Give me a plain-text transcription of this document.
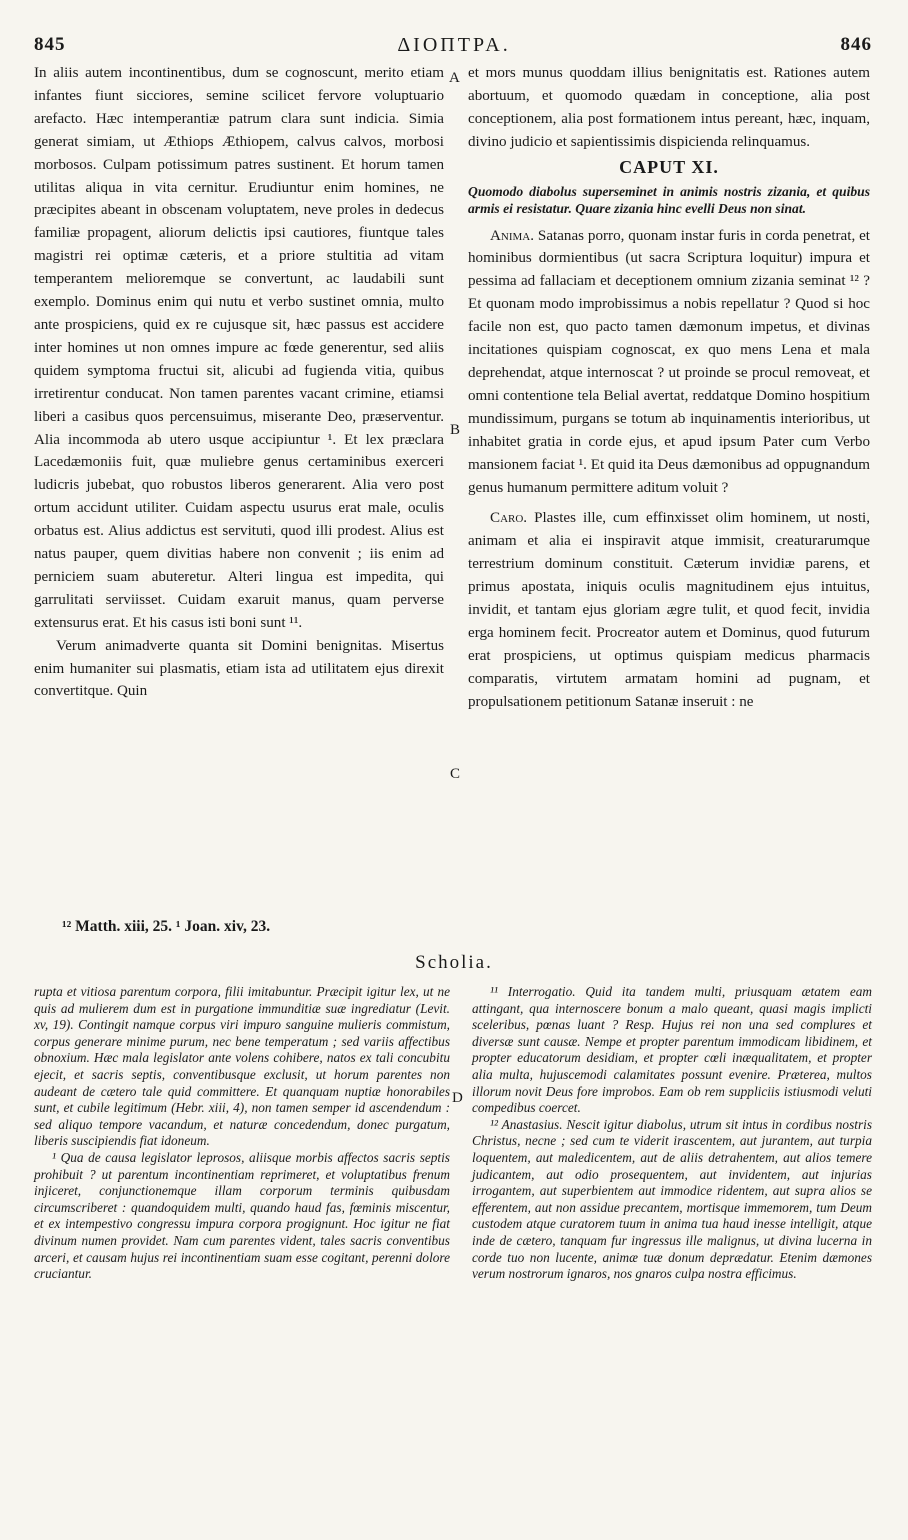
845	ΔΙΟΠΤΡΑ.	846
A
B
C
D

In aliis autem incontinentibus, dum se cognoscunt, merito etiam infantes fiunt sicciores, semine scilicet fervore voluptuario arefacto. Hæc intemperantiæ patrum clara sunt indicia. Simia generat simiam, ut Æthiops Æthiopem, calvus calvos, morbosi morbosos. Culpam potissimum patres sustinent. Et horum tamen utilitas aliqua in vita cernitur. Erudiuntur enim homines, ne præcipites abeant in obscenam voluptatem, neve proles in dedecus familiæ propagent, aliorum delictis ipsi cautiores, fiuntque tales magistri rei optimæ cæteris, et a priore stultitia ad vitam temperantem melioremque se convertunt, ac laudabili sunt exemplo. Dominus enim qui nutu et verbo sustinet omnia, multo ante prospiciens, quid ex re cujusque sit, hæc passus est accidere inter homines ut non omnes impure ac fœde generentur, sed aliis quidem symptoma fructui sit, alicubi ad fugienda vitia, quibus irretirentur conducat. Non tamen parentes vacant crimine, etiamsi liberi a casibus quos percensuimus, miserante Deo, præserventur. Alia incommoda ab utero usque accipiuntur ¹. Et lex præclara Lacedæmoniis fuit, quæ muliebre genus certaminibus exerceri ludicris jubebat, quo robustos liberos generarent. Alia vero post ortum accidunt utiliter. Cuidam aspectu usurus erat male, oculis orbatus est. Alius addictus est servituti, quod illi prodest. Alius est natus pauper, quem divitias habere non convenit ; iis enim ad perniciem suam abuteretur. Alteri lingua est impedita, qui garrulitati serviisset. Cuidam exaruit manus, quam perverse extensurus erat. Et his casus isti boni sunt ¹¹.

Verum animadverte quanta sit Domini benignitas. Misertus enim humaniter sui plasmatis, etiam ista ad utilitatem ejus direxit convertitque. Quin

et mors munus quoddam illius benignitatis est. Rationes autem abortuum, et quomodo quædam in conceptione, alia post conceptionem, alia post formationem intus pereant, hæc, inquam, divino judicio et sapientissimis dispicienda relinquamus.

CAPUT XI.
Quomodo diabolus superseminet in animis nostris zizania, et quibus armis ei resistatur. Quare zizania hinc evelli Deus non sinat.

Anima. Satanas porro, quonam instar furis in corda penetrat, et hominibus dormientibus (ut sacra Scriptura loquitur) impura et pessima ad fallaciam et deceptionem omnium zizania seminat ¹² ? Et quonam modo improbissimus a nobis repellatur ? Quod si hoc facile non est, quo pacto tamen dæmonum impetus, et divinas incitationes quispiam cognoscat, ex quo mens Lena et mala deprehendat, atque internoscat ? ut proinde se procul removeat, et omni contentione tela Belial avertat, reddatque Domino hospitium mundissimum, purgans se totum ab inquinamentis interioribus, ut inhabitet gratia in corde ejus, et apud ipsum Pater cum Verbo mansionem faciat ¹. Et quid ita Deus dæmonibus ad oppugnandum genus humanum permittere aditum voluit ?

Caro. Plastes ille, cum effinxisset olim hominem, ut nosti, animam et alia ei inspiravit atque immisit, creaturarumque terrestrium dominum constituit. Cæterum invidiæ parens, et primus apostata, iniquis oculis magnitudinem ejus intuitus, invidit, et tantam ejus gloriam ægre tulit, et quod fecit, invidia erga hominem fecit. Procreator autem et Dominus, quod futurum erat prospiciens, ut optimus quispiam medicus pharmacis comparatis, virtutem armatam homini ad pugnam, et propulsationem petitionum Satanæ inseruit : ne

¹² Matth. xiii, 25. ¹ Joan. xiv, 23.
Scholia.

rupta et vitiosa parentum corpora, filii imitabuntur. Præcipit igitur lex, ut ne quis ad mulierem dum est in purgatione immunditiæ suæ ingrediatur (Levit. xv, 19). Contingit namque corpus viri impuro sanguine mulieris commistum, corpus generare minime purum, nec bene temperatum ; sed variis affectibus obnoxium. Hæc mala legislator ante volens cohibere, natos ex tali concubitu ejecit, et sacris septis, conventibusque exclusit, ut horum parentes non audeant de cætero tale quid committere. Et quanquam nuptiæ honorabiles sunt, et cubile legitimum (Hebr. xiii, 4), non tamen semper id ascendendum : sed aliquo tempore vacandum, et naturæ concedendum, donec purgatum, liberis suscipiendis fiat idoneum.

¹ Qua de causa legislator leprosos, aliisque morbis affectos sacris septis prohibuit ? ut parentum incontinentiam reprimeret, et voluptatibus frenum injiceret, conjunctionemque illam corporum terminis quibusdam circumscriberet : quandoquidem multi, quando haud fas, fœminis miscentur, et ex intempestivo congressu impura corpora progignunt. Hoc igitur ne fiat divinum numen providet. Nam cum parentes vident, tales sacris conventibus arceri, et causam hujus rei incontinentiam suam esse cogitant, perenni dolore cruciantur.

¹¹ Interrogatio. Quid ita tandem multi, priusquam ætatem eam attingant, qua internoscere bonum a malo queant, quasi magis implicti sceleribus, pœnas luant ? Resp. Hujus rei non una sed complures et diversæ sunt causæ. Nempe et propter parentum immodicam libidinem, et propter educatorum desidiam, et propter cœli inæqualitatem, et propter alia multa, hujuscemodi calamitates possunt evenire. Præterea, multos illorum novit Deus fore improbos. Eam ob rem suppliciis istiusmodi veluti compedibus coercet.

¹² Anastasius. Nescit igitur diabolus, utrum sit intus in cordibus nostris Christus, necne ; sed cum te viderit irascentem, aut jurantem, aut turpia loquentem, aut maledicentem, aut de aliis detrahentem, aut alios temere judicantem, aut odio prosequentem, aut invidentem, aut injurias irrogantem, aut superbientem aut immodice ridentem, aut supra alios se efferentem, aut non assidue precantem, mortisque immemorem, tum Deum custodem atque curatorem tuum in anima tua haud inesse intelligit, atque inde de cætero, tanquam fur ingressus ille malignus, ut divina lucerna in corde tuo non lucente, animæ tuæ donum deprædatur. Etenim dæmones verum nostrorum ignaros, nos gnaros culpa nostra efficimus.
